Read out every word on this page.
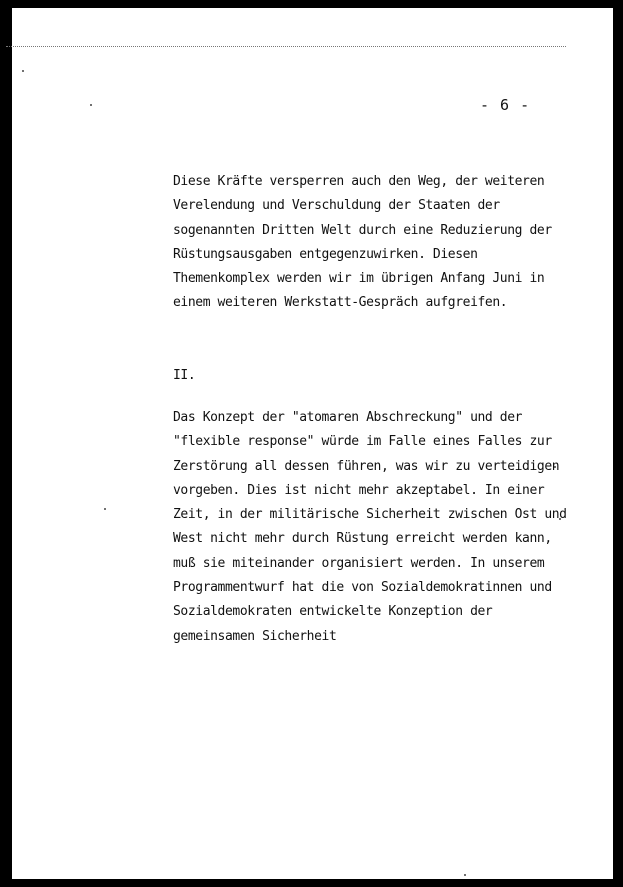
- 6 -
Diese Kräfte versperren auch den Weg, der weiteren
Verelendung und Verschuldung der Staaten der
sogenannten Dritten Welt durch eine Reduzierung der
Rüstungsausgaben entgegenzuwirken. Diesen
Themenkomplex werden wir im übrigen Anfang Juni in
einem weiteren Werkstatt-Gespräch aufgreifen.
II.
Das Konzept der "atomaren Abschreckung" und der
"flexible response" würde im Falle eines Falles zur
Zerstörung all dessen führen, was wir zu verteidigen
vorgeben. Dies ist nicht mehr akzeptabel. In einer
Zeit, in der militärische Sicherheit zwischen Ost und
West nicht mehr durch Rüstung erreicht werden kann,
muß sie miteinander organisiert werden. In unserem
Programmentwurf hat die von Sozialdemokratinnen und
Sozialdemokraten entwickelte Konzeption der
gemeinsamen Sicherheit
